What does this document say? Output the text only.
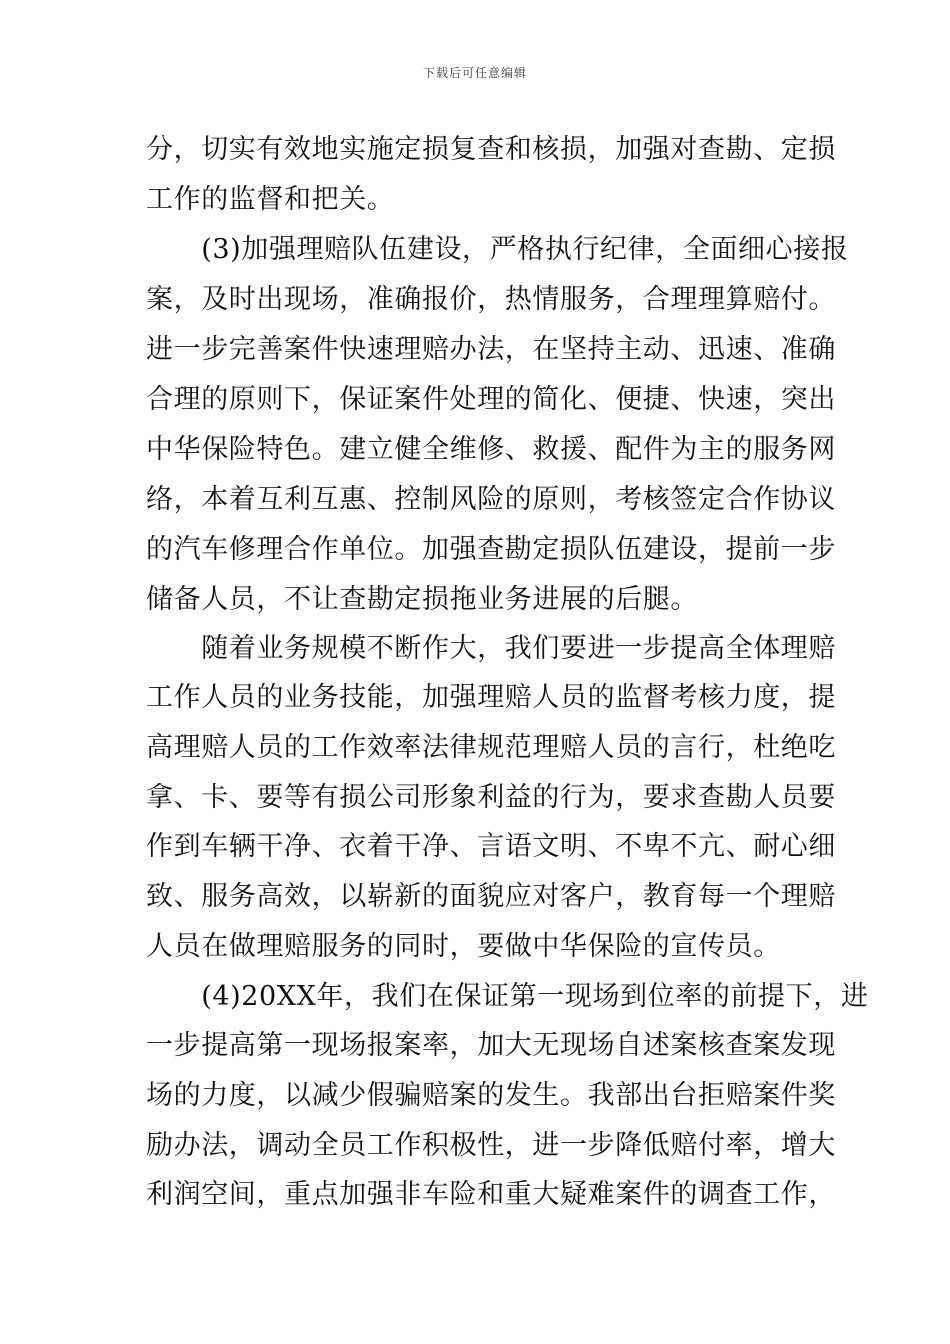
下载后可任意编辑
分，切实有效地实施定损复查和核损，加强对查勘、定损
工作的监督和把关。
　　(3)加强理赔队伍建设，严格执行纪律，全面细心接报
案，及时出现场，准确报价，热情服务，合理理算赔付。
进一步完善案件快速理赔办法，在坚持主动、迅速、准确
合理的原则下，保证案件处理的简化、便捷、快速，突出
中华保险特色。建立健全维修、救援、配件为主的服务网
络，本着互利互惠、控制风险的原则，考核签定合作协议
的汽车修理合作单位。加强查勘定损队伍建设，提前一步
储备人员，不让查勘定损拖业务进展的后腿。
　　随着业务规模不断作大，我们要进一步提高全体理赔
工作人员的业务技能，加强理赔人员的监督考核力度，提
高理赔人员的工作效率法律规范理赔人员的言行，杜绝吃
拿、卡、要等有损公司形象利益的行为，要求查勘人员要
作到车辆干净、衣着干净、言语文明、不卑不亢、耐心细
致、服务高效，以崭新的面貌应对客户，教育每一个理赔
人员在做理赔服务的同时，要做中华保险的宣传员。
　　(4)20XX年，我们在保证第一现场到位率的前提下，进
一步提高第一现场报案率，加大无现场自述案核查案发现
场的力度，以减少假骗赔案的发生。我部出台拒赔案件奖
励办法，调动全员工作积极性，进一步降低赔付率，增大
利润空间，重点加强非车险和重大疑难案件的调查工作，
